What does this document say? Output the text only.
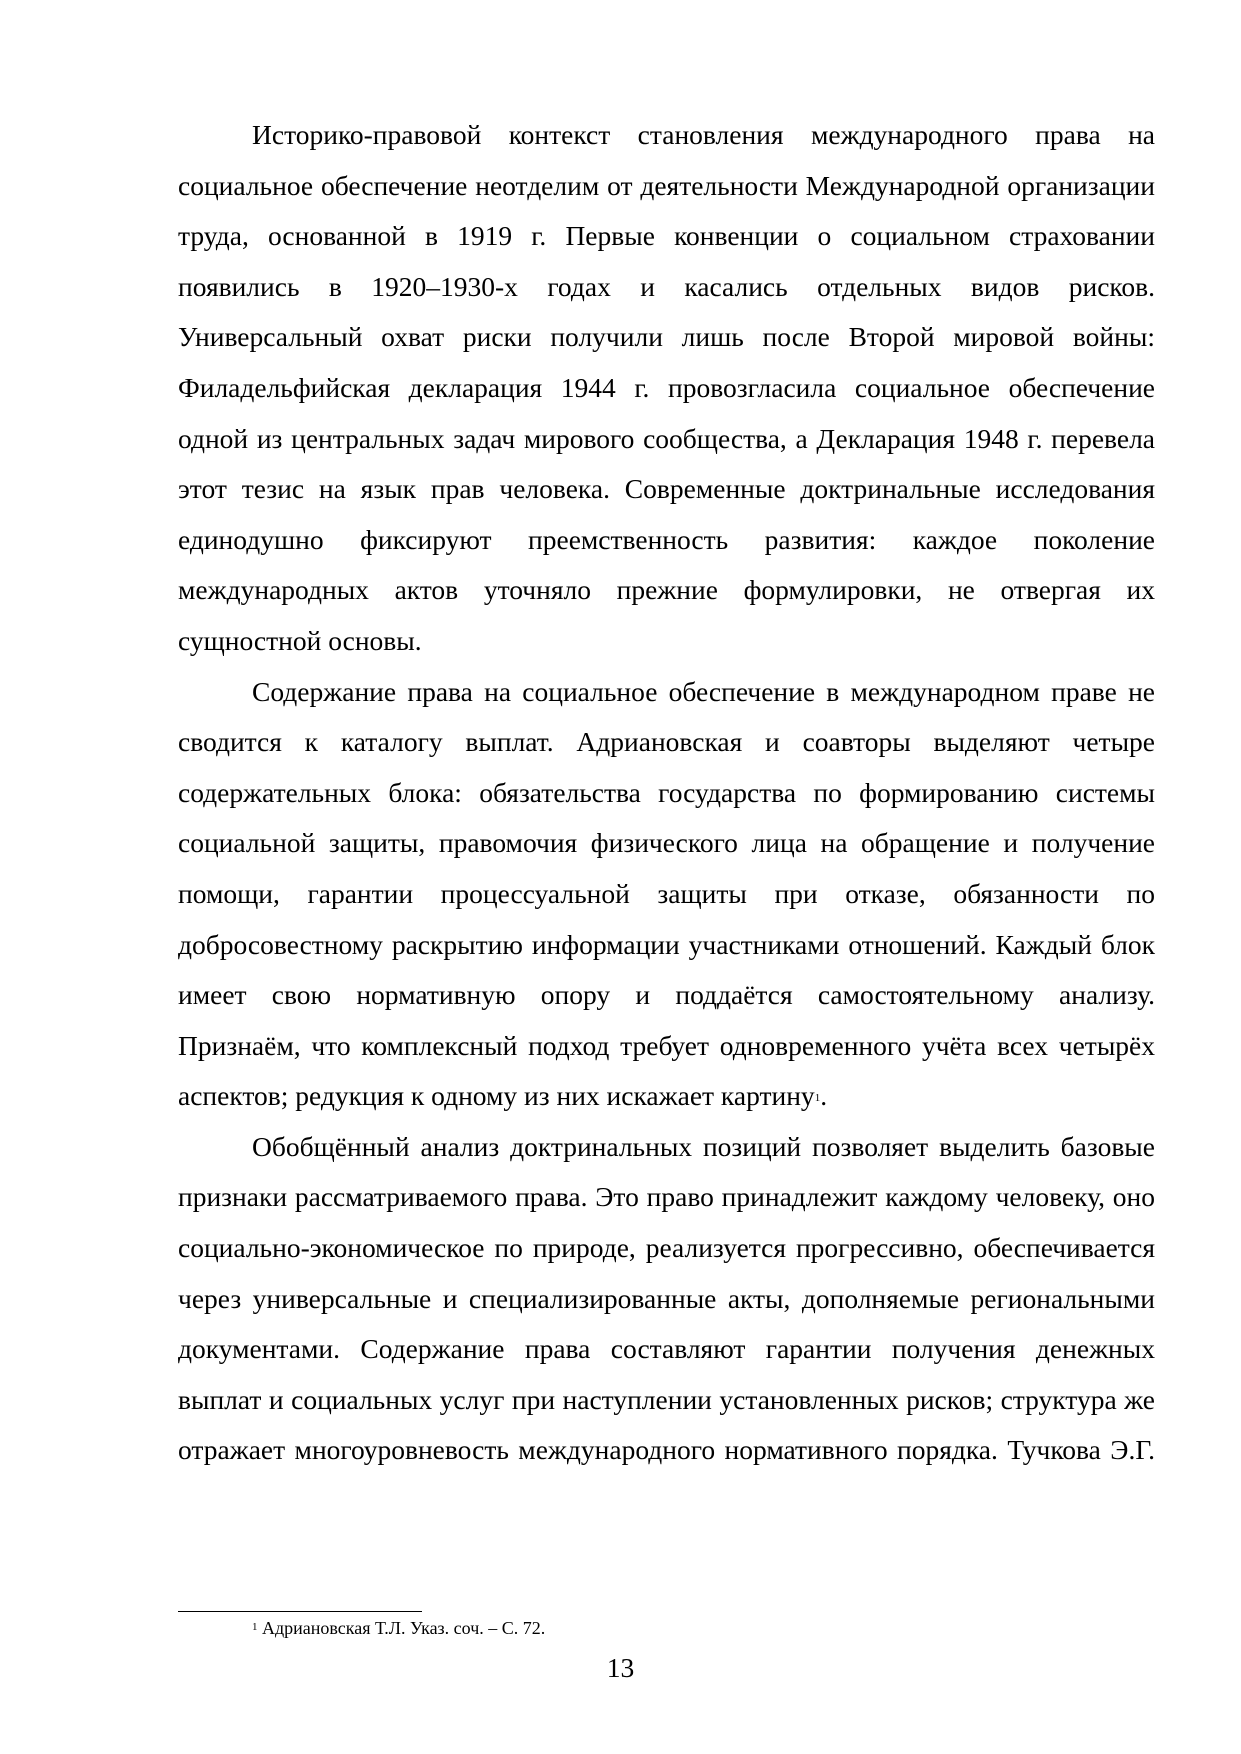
Историко-правовой контекст становления международного права на социальное обеспечение неотделим от деятельности Международной организации труда, основанной в 1919 г. Первые конвенции о социальном страховании появились в 1920–1930-х годах и касались отдельных видов рисков. Универсальный охват риски получили лишь после Второй мировой войны: Филадельфийская декларация 1944 г. провозгласила социальное обеспечение одной из центральных задач мирового сообщества, а Декларация 1948 г. перевела этот тезис на язык прав человека. Современные доктринальные исследования единодушно фиксируют преемственность развития: каждое поколение международных актов уточняло прежние формулировки, не отвергая их сущностной основы.

Содержание права на социальное обеспечение в международном праве не сводится к каталогу выплат. Адриановская и соавторы выделяют четыре содержательных блока: обязательства государства по формированию системы социальной защиты, правомочия физического лица на обращение и получение помощи, гарантии процессуальной защиты при отказе, обязанности по добросовестному раскрытию информации участниками отношений. Каждый блок имеет свою нормативную опору и поддаётся самостоятельному анализу. Признаём, что комплексный подход требует одновременного учёта всех четырёх аспектов; редукция к одному из них искажает картину$^1$.

Обобщённый анализ доктринальных позиций позволяет выделить базовые признаки рассматриваемого права. Это право принадлежит каждому человеку, оно социально-экономическое по природе, реализуется прогрессивно, обеспечивается через универсальные и специализированные акты, дополняемые региональными документами. Содержание права составляют гарантии получения денежных выплат и социальных услуг при наступлении установленных рисков; структура же отражает многоуровневость международного нормативного порядка. Тучкова Э.Г.

$^1$ Адриановская Т.Л. Указ. соч. – С. 72.
13
